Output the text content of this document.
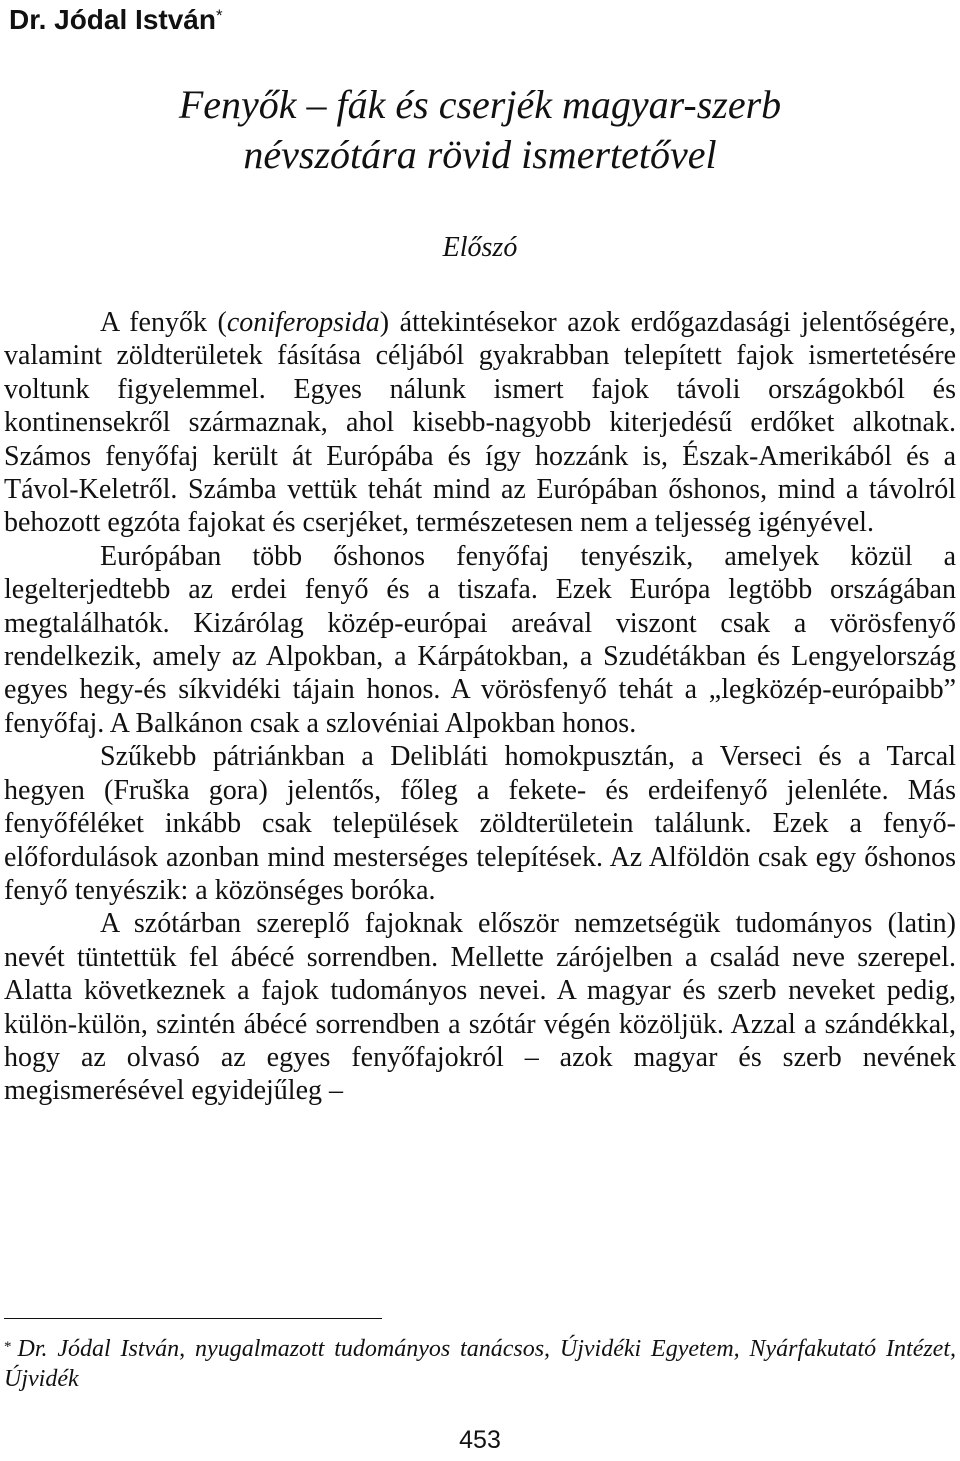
Dr. Jódal István*
Fenyők – fák és cserjék magyar-szerb
névszótára rövid ismertetővel
Előszó

A fenyők (coniferopsida) áttekintésekor azok erdőgazdasági jelentőségére, valamint zöldterületek fásítása céljából gyakrabban telepített fajok ismertetésére voltunk figyelemmel. Egyes nálunk ismert fajok távoli országokból és kontinensekről származnak, ahol kisebb-nagyobb kiterjedésű erdőket alkotnak. Számos fenyőfaj került át Európába és így hozzánk is, Észak-Amerikából és a Távol-Keletről. Számba vettük tehát mind az Európában őshonos, mind a távolról behozott egzóta fajokat és cserjéket, természetesen nem a teljesség igényével.

Európában több őshonos fenyőfaj tenyészik, amelyek közül a legelterjedtebb az erdei fenyő és a tiszafa. Ezek Európa legtöbb országában megtalálhatók. Kizárólag közép-európai areával viszont csak a vörösfenyő rendelkezik, amely az Alpokban, a Kárpátokban, a Szudétákban és Lengyelország egyes hegy-és síkvidéki tájain honos. A vörösfenyő tehát a „legközép-európaibb” fenyőfaj. A Balkánon csak a szlovéniai Alpokban honos.

Szűkebb pátriánkban a Delibláti homokpusztán, a Verseci és a Tarcal hegyen (Fruška gora) jelentős, főleg a fekete- és erdeifenyő jelenléte. Más fenyőféléket inkább csak települések zöldterületein találunk. Ezek a fenyő-előfordulások azonban mind mesterséges telepítések. Az Alföldön csak egy őshonos fenyő tenyészik: a közönséges boróka.

A szótárban szereplő fajoknak először nemzetségük tudományos (latin) nevét tüntettük fel ábécé sorrendben. Mellette zárójelben a család neve szerepel. Alatta következnek a fajok tudományos nevei. A magyar és szerb neveket pedig, külön-külön, szintén ábécé sorrendben a szótár végén közöljük. Azzal a szándékkal, hogy az olvasó az egyes fenyőfajokról – azok magyar és szerb nevének megismerésével egyidejűleg –

* Dr. Jódal István, nyugalmazott tudományos tanácsos, Újvidéki Egyetem, Nyárfakutató Intézet, Újvidék
453
